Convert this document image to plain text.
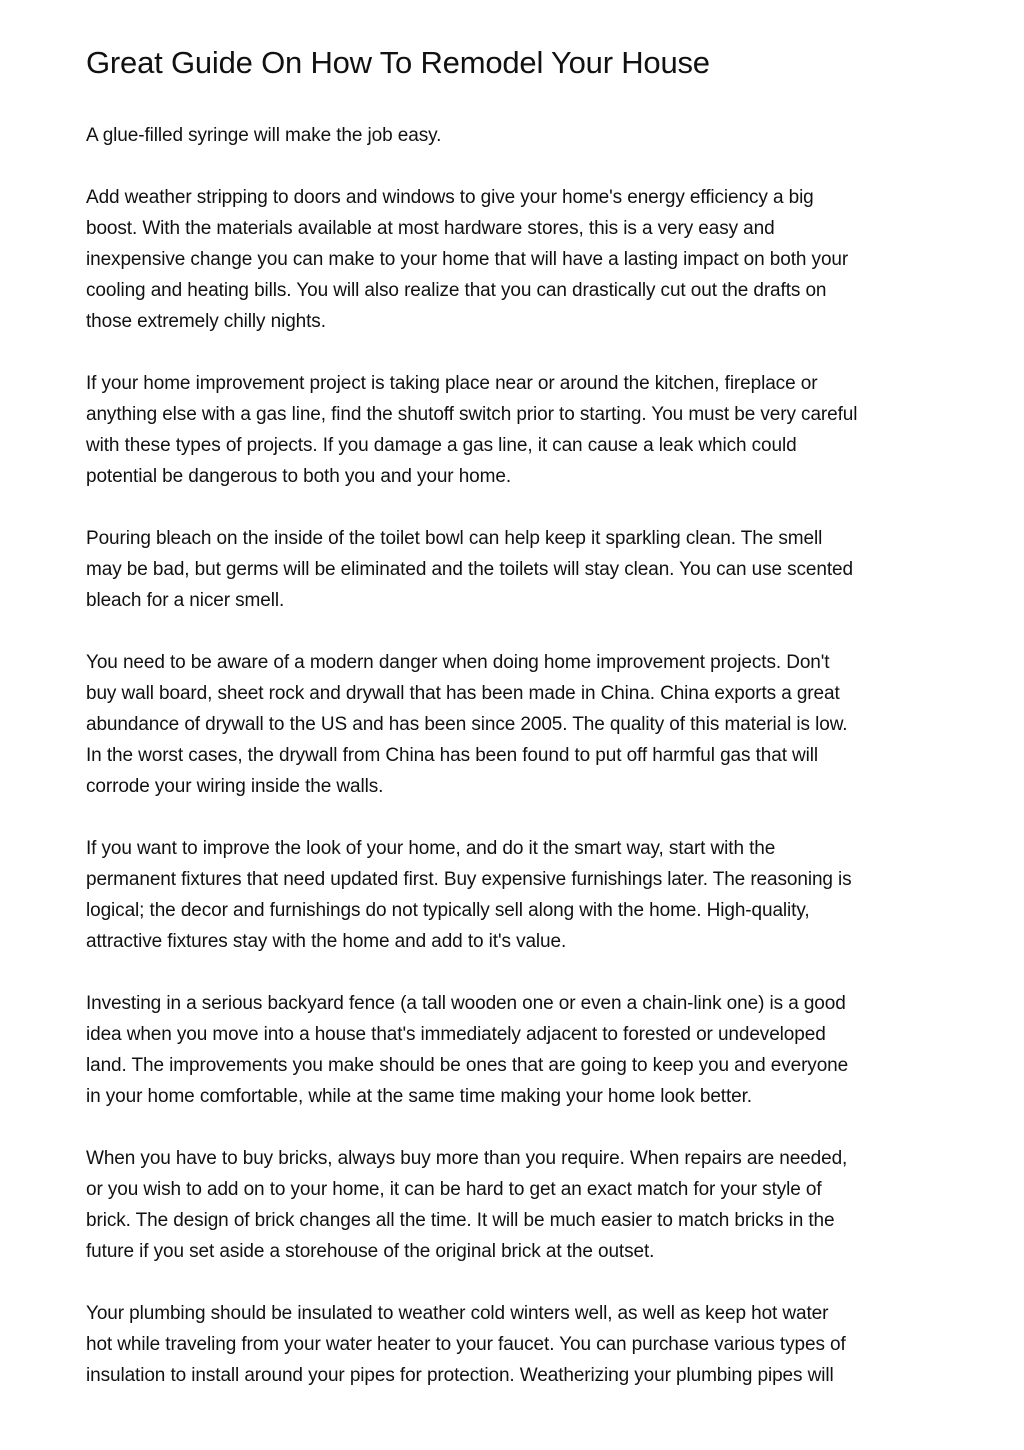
Great Guide On How To Remodel Your House

A glue-filled syringe will make the job easy.

Add weather stripping to doors and windows to give your home's energy efficiency a big
boost. With the materials available at most hardware stores, this is a very easy and
inexpensive change you can make to your home that will have a lasting impact on both your
cooling and heating bills. You will also realize that you can drastically cut out the drafts on
those extremely chilly nights.

If your home improvement project is taking place near or around the kitchen, fireplace or
anything else with a gas line, find the shutoff switch prior to starting. You must be very careful
with these types of projects. If you damage a gas line, it can cause a leak which could
potential be dangerous to both you and your home.

Pouring bleach on the inside of the toilet bowl can help keep it sparkling clean. The smell
may be bad, but germs will be eliminated and the toilets will stay clean. You can use scented
bleach for a nicer smell.

You need to be aware of a modern danger when doing home improvement projects. Don't
buy wall board, sheet rock and drywall that has been made in China. China exports a great
abundance of drywall to the US and has been since 2005. The quality of this material is low.
In the worst cases, the drywall from China has been found to put off harmful gas that will
corrode your wiring inside the walls.

If you want to improve the look of your home, and do it the smart way, start with the
permanent fixtures that need updated first. Buy expensive furnishings later. The reasoning is
logical; the decor and furnishings do not typically sell along with the home. High-quality,
attractive fixtures stay with the home and add to it's value.

Investing in a serious backyard fence (a tall wooden one or even a chain-link one) is a good
idea when you move into a house that's immediately adjacent to forested or undeveloped
land. The improvements you make should be ones that are going to keep you and everyone
in your home comfortable, while at the same time making your home look better.

When you have to buy bricks, always buy more than you require. When repairs are needed,
or you wish to add on to your home, it can be hard to get an exact match for your style of
brick. The design of brick changes all the time. It will be much easier to match bricks in the
future if you set aside a storehouse of the original brick at the outset.

Your plumbing should be insulated to weather cold winters well, as well as keep hot water
hot while traveling from your water heater to your faucet. You can purchase various types of
insulation to install around your pipes for protection. Weatherizing your plumbing pipes will
